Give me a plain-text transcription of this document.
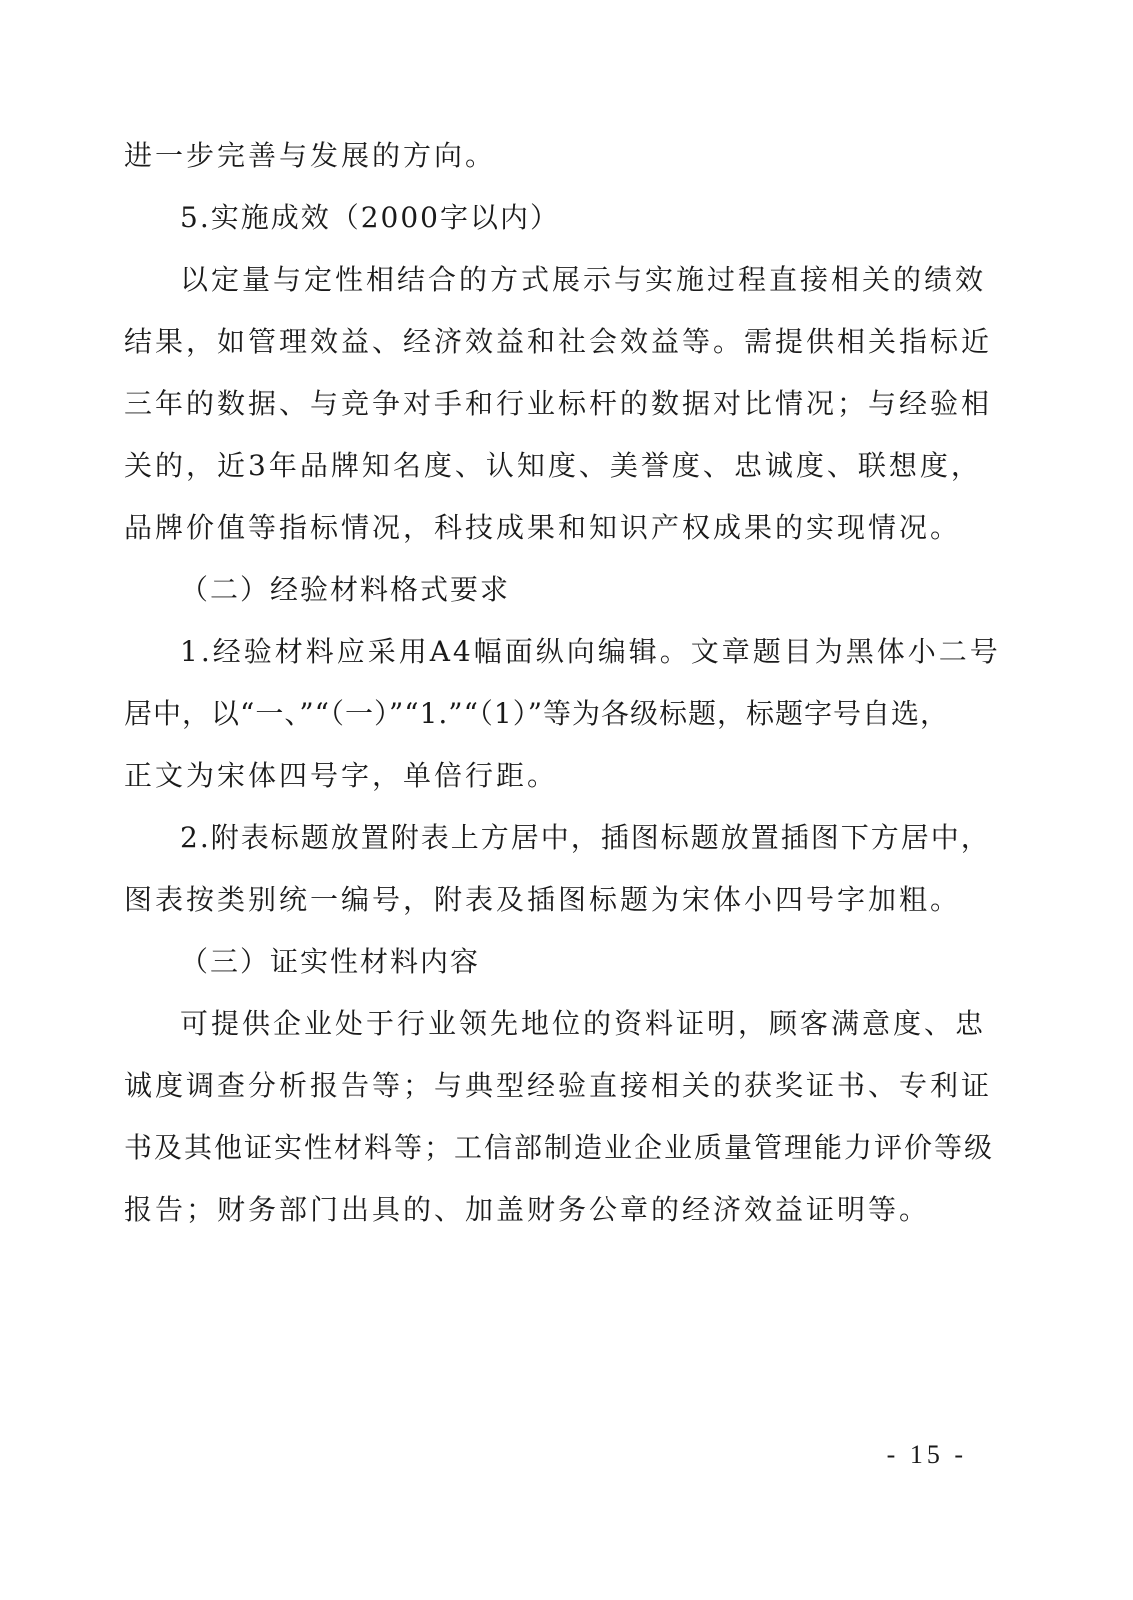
进一步完善与发展的方向。
5.实施成效（2000字以内）
以定量与定性相结合的方式展示与实施过程直接相关的绩效
结果，如管理效益、经济效益和社会效益等。需提供相关指标近
三年的数据、与竞争对手和行业标杆的数据对比情况；与经验相
关的，近3年品牌知名度、认知度、美誉度、忠诚度、联想度，
品牌价值等指标情况，科技成果和知识产权成果的实现情况。
（二）经验材料格式要求
1.经验材料应采用A4幅面纵向编辑。文章题目为黑体小二号
居中，以“一、”“（一）”“1.”“（1）”等为各级标题，标题字号自选，
正文为宋体四号字，单倍行距。
2.附表标题放置附表上方居中，插图标题放置插图下方居中，
图表按类别统一编号，附表及插图标题为宋体小四号字加粗。
（三）证实性材料内容
可提供企业处于行业领先地位的资料证明，顾客满意度、忠
诚度调查分析报告等；与典型经验直接相关的获奖证书、专利证
书及其他证实性材料等；工信部制造业企业质量管理能力评价等级
报告；财务部门出具的、加盖财务公章的经济效益证明等。
- 15 -
